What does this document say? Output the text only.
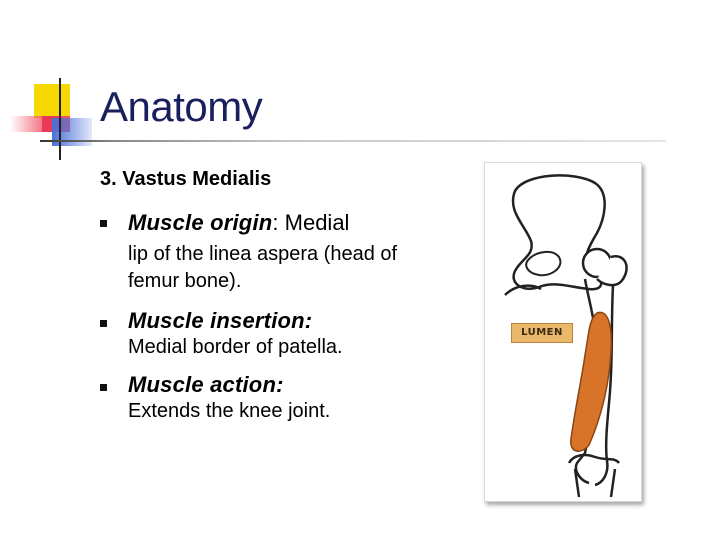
Anatomy
3. Vastus Medialis
Muscle origin: Medial
lip of the linea aspera (head of femur bone).
Muscle insertion:
Medial border of patella.
Muscle action:
Extends the knee joint.
LUMEN
